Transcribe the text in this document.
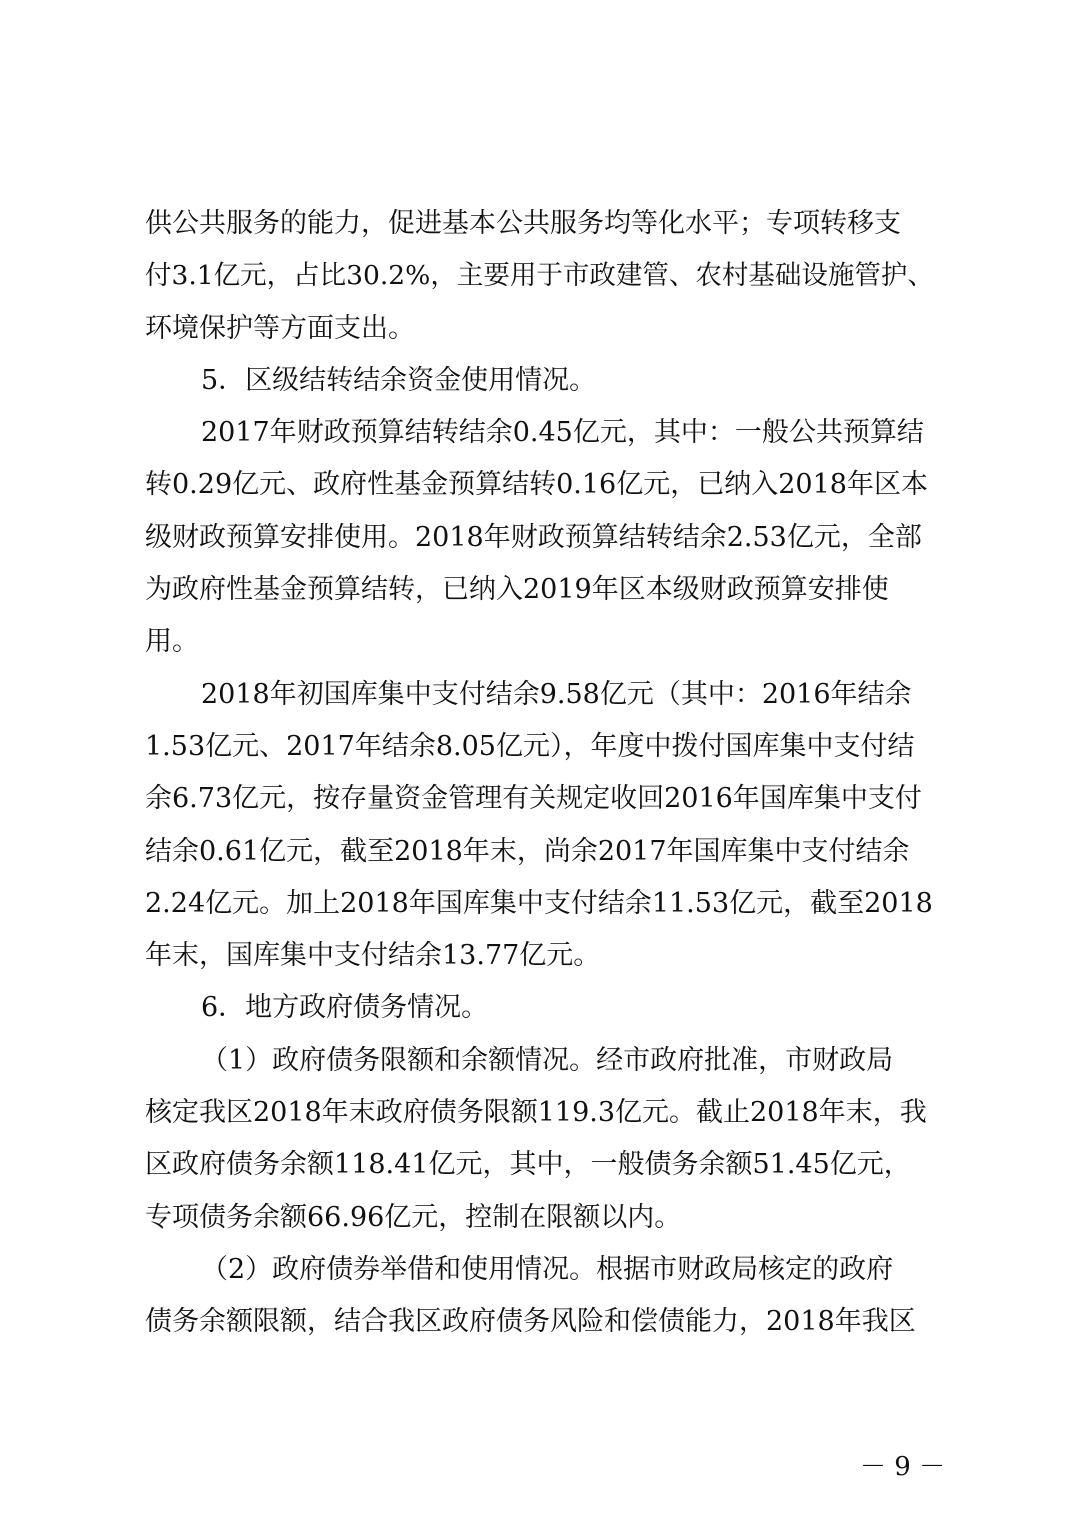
供公共服务的能力，促进基本公共服务均等化水平；专项转移支
付3.1亿元，占比30.2%，主要用于市政建管、农村基础设施管护、
环境保护等方面支出。
5．区级结转结余资金使用情况。
2017年财政预算结转结余0.45亿元，其中：一般公共预算结
转0.29亿元、政府性基金预算结转0.16亿元，已纳入2018年区本
级财政预算安排使用。2018年财政预算结转结余2.53亿元，全部
为政府性基金预算结转，已纳入2019年区本级财政预算安排使
用。
2018年初国库集中支付结余9.58亿元（其中：2016年结余
1.53亿元、2017年结余8.05亿元），年度中拨付国库集中支付结
余6.73亿元，按存量资金管理有关规定收回2016年国库集中支付
结余0.61亿元，截至2018年末，尚余2017年国库集中支付结余
2.24亿元。加上2018年国库集中支付结余11.53亿元，截至2018
年末，国库集中支付结余13.77亿元。
6．地方政府债务情况。
（1）政府债务限额和余额情况。经市政府批准，市财政局
核定我区2018年末政府债务限额119.3亿元。截止2018年末，我
区政府债务余额118.41亿元，其中，一般债务余额51.45亿元，
专项债务余额66.96亿元，控制在限额以内。
（2）政府债券举借和使用情况。根据市财政局核定的政府
债务余额限额，结合我区政府债务风险和偿债能力，2018年我区
－ 9 －
